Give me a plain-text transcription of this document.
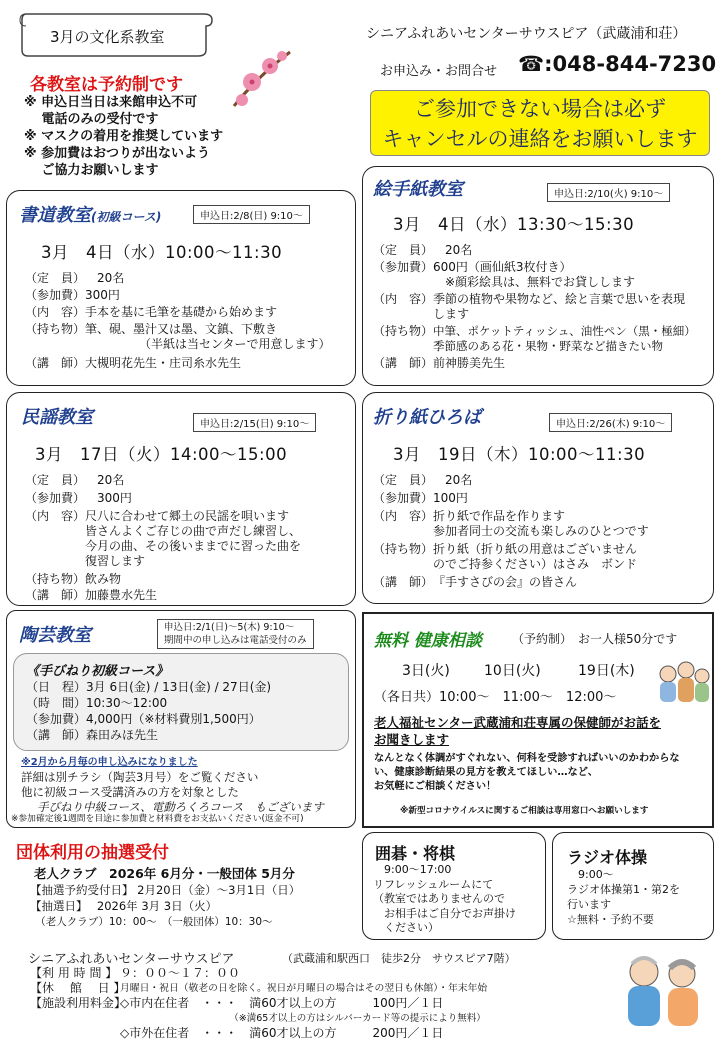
3月の文化系教室	シニアふれあいセンターサウスピア（武蔵浦和荘）
お申込み・お問合せ ☎:048-844-7230
ご参加できない場合は必ず
キャンセルの連絡をお願いします
各教室は予約制です
※ 申込日当日は来館申込不可
　 電話のみの受付です
※ マスクの着用を推奨しています
※ 参加費はおつりが出ないよう
　 ご協力お願いします
書道教室(初級コース)	申込日:2/8(日) 9:10～
3月　4日（水）10:00～11:30
（定　員） 　20名
（参加費） 300円
（内　容） 手本を基に毛筆を基礎から始めます
（持ち物） 筆、硯、墨汁又は墨、文鎮、下敷き
　　　　　（半紙は当センターで用意します）
（講　師） 大槻明花先生・庄司糸水先生
絵手紙教室	申込日:2/10(火) 9:10～
3月　4日（水）13:30～15:30
（定　員） 　20名
（参加費） 600円（画仙紙3枚付き）
　※顔彩絵具は、無料でお貸しします
（内　容） 季節の植物や果物など、絵と言葉で思いを表現
します
（持ち物） 中筆、ポケットティッシュ、油性ペン（黒・極細）
季節感のある花・果物・野菜など描きたい物
（講　師） 前神勝美先生
民謡教室	申込日:2/15(日) 9:10～
3月　17日（火）14:00～15:00
（定　員） 　20名
（参加費） 　300円
（内　容） 尺八に合わせて郷土の民謡を唄います
皆さんよくご存じの曲で声だし練習し、
今月の曲、その後いままでに習った曲を
復習します
（持ち物） 飲み物
（講　師） 加藤豊水先生
折り紙ひろば	申込日:2/26(木) 9:10～
3月　19日（木）10:00～11:30
（定　員） 　20名
（参加費） 100円
（内　容） 折り紙で作品を作ります
参加者同士の交流も楽しみのひとつです
（持ち物） 折り紙（折り紙の用意はございません
のでご持参ください）はさみ　ボンド
（講　師） 『手すさびの会』の皆さん
陶芸教室	申込日:2/1(日)～5(木) 9:10～
期間中の申し込みは電話受付のみ
《手びねり初級コース》
（日　程） 3月 6日(金) / 13日(金) / 27日(金)
（時　間） 10:30～12:00
（参加費） 4,000円（※材料費別1,500円）
（講　師） 森田みほ先生
※2月から月毎の申し込みになりました
詳細は別チラシ（陶芸3月号）をご覧ください
他に初級コース受講済みの方を対象とした
手びねり中級コース、電動ろくろコース　もございます
※参加確定後1週間を目途に参加費と材料費をお支払いください(返金不可)
無料 健康相談	（予約制）　お一人様50分です
3日(火) 10日(火)	19日(木)
（各日共）10:00～　11:00～　12:00～
老人福祉センター武蔵浦和荘専属の保健師がお話を
お聞きします
なんとなく体調がすぐれない、何科を受診すればいいのかわからな
い、健康診断結果の見方を教えてほしい…など、
お気軽にご相談ください！
※新型コロナウイルスに関するご相談は専用窓口へお願いします
団体利用の抽選受付
老人クラブ　2026年 6月分・一般団体 5月分
【抽選予約受付日】 2月20日（金）～3月1日（日）
【抽選日】　 2026年 3月 3日（火）
　（老人クラブ）10：00～　（一般団体）10：30～
囲碁・将棋
　9:00～17:00
リフレッシュルームにて
（教室ではありませんので
　お相手はご自分でお声掛け
　ください）
ラジオ体操
　9:00～
ラジオ体操第1・第2を
行います
☆無料・予約不要
シニアふれあいセンターサウスピア	（武蔵浦和駅西口　徒歩2分　サウスピア7階）
【利 用 時 間 】 ９：００～１７：００
【休　 館　 日 】
月曜日・祝日（敬老の日を除く。祝日が月曜日の場合はその翌日も休館）・年末年始
【施設利用料金】
◇市内在住者　・・・　満60才以上の方　　　100円／１日
　　　　　　　　　　　　（※満65才以上の方はシルバーカード等の提示により無料）
◇市外在住者　・・・　満60才以上の方　　　200円／１日
